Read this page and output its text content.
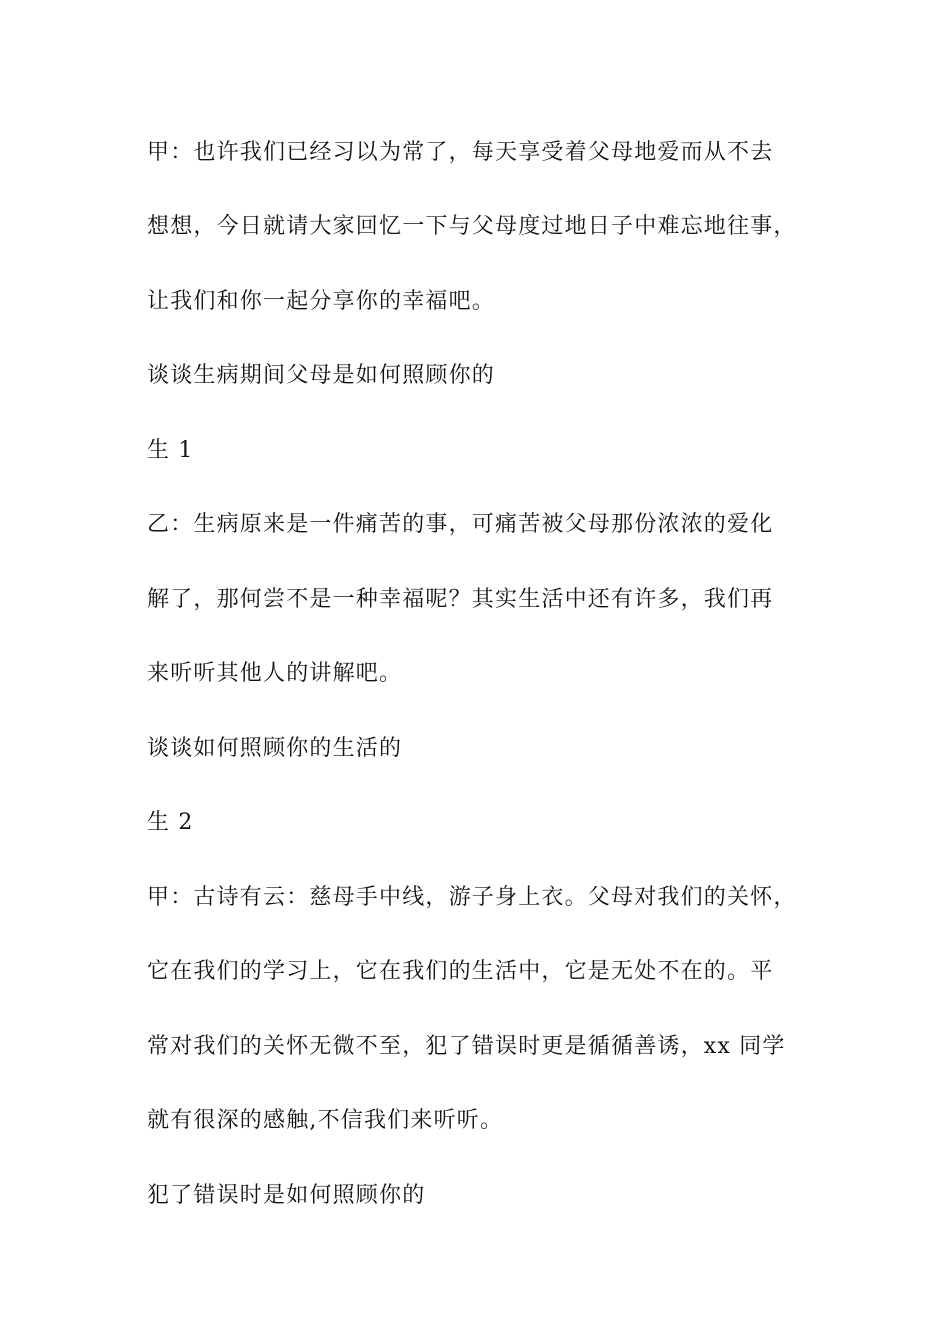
甲：也许我们已经习以为常了，每天享受着父母地爱而从不去

想想，今日就请大家回忆一下与父母度过地日子中难忘地往事，

让我们和你一起分享你的幸福吧。

谈谈生病期间父母是如何照顾你的

生 1

乙：生病原来是一件痛苦的事，可痛苦被父母那份浓浓的爱化

解了，那何尝不是一种幸福呢？其实生活中还有许多，我们再

来听听其他人的讲解吧。

谈谈如何照顾你的生活的

生 2

甲：古诗有云：慈母手中线，游子身上衣。父母对我们的关怀，

它在我们的学习上，它在我们的生活中，它是无处不在的。平

常对我们的关怀无微不至，犯了错误时更是循循善诱，xx 同学

就有很深的感触,不信我们来听听。

犯了错误时是如何照顾你的
